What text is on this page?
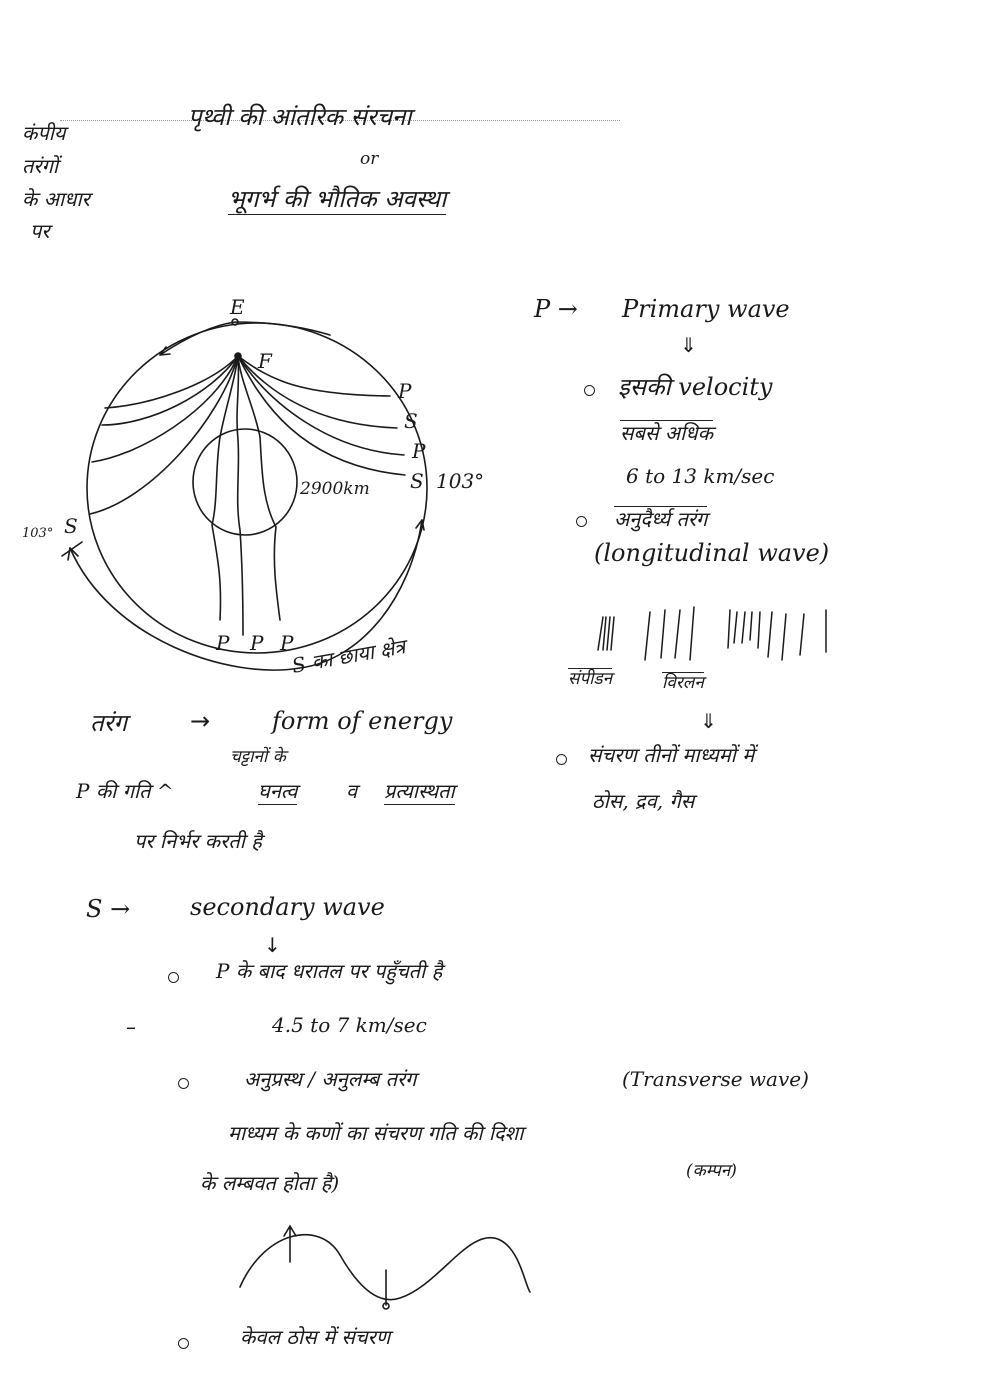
कंपीय
तरंगों
के आधार
पर
पृथ्वी की आंतरिक संरचना
or
भूगर्भ की भौतिक अवस्था
E
F
P
S
P
S 103°
2900km
103° S
P P P
S का छाया क्षेत्र
P → Primary wave
⇓
इसकी velocity
सबसे अधिक
6 to 13 km/sec
अनुदैर्ध्य तरंग
(longitudinal wave)
संपीडन	विरलन
⇓
संचरण तीनों माध्यमों में
ठोस, द्रव, गैस
तरंग	→	form of energy
चट्टानों के
P की गति ^	घनत्व व प्रत्यास्थता
पर निर्भर करती है
S → secondary wave
↓
P के बाद धरातल पर पहुँचती है
–	4.5 to 7 km/sec
अनुप्रस्थ / अनुलम्ब तरंग	(Transverse wave)
माध्यम के कणों का संचरण गति की दिशा
के लम्बवत होता है)	(कम्पन)
केवल ठोस में संचरण
